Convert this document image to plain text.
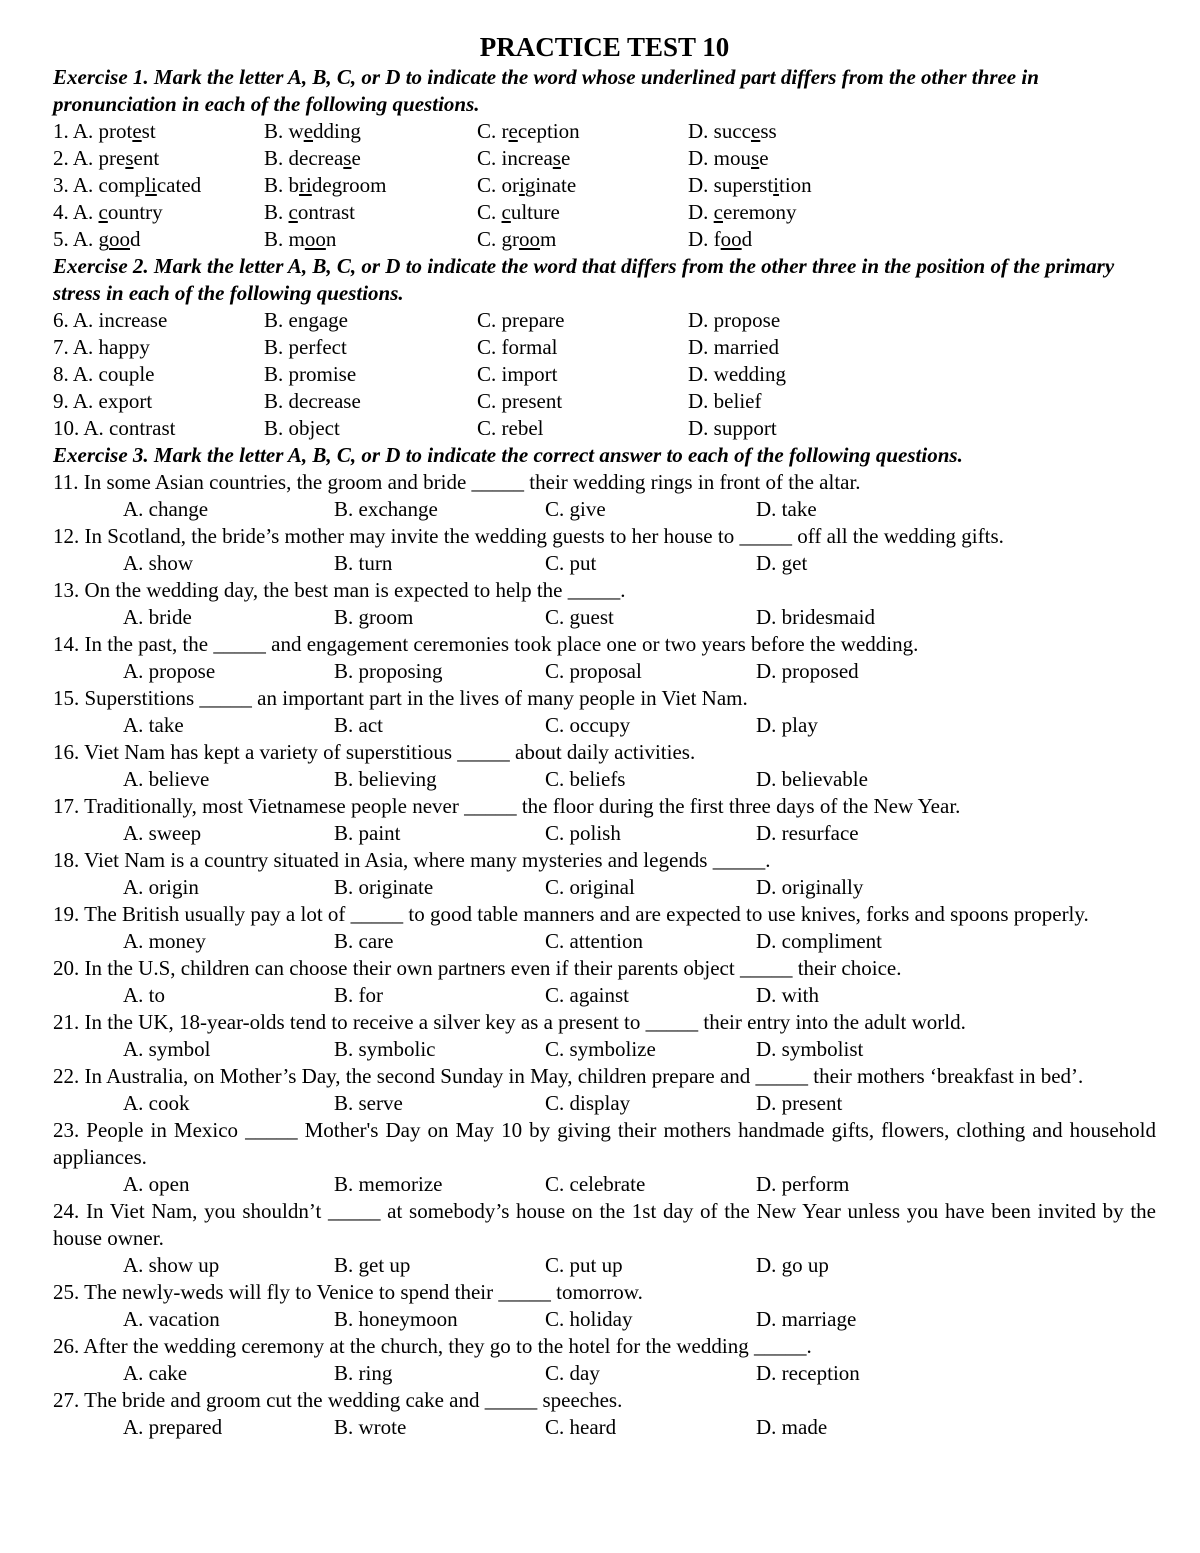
PRACTICE TEST 10

Exercise 1. Mark the letter A, B, C, or D to indicate the word whose underlined part differs from the other three in pronunciation in each of the following questions.

1. A. protest	B. wedding	C. reception	D. success
2. A. present	B. decrease	C. increase	D. mouse
3. A. complicated	B. bridegroom	C. originate	D. superstition
4. A. country	B. contrast	C. culture	D. ceremony
5. A. good	B. moon	C. groom	D. food

Exercise 2. Mark the letter A, B, C, or D to indicate the word that differs from the other three in the position of the primary stress in each of the following questions.

6. A. increase	B. engage	C. prepare	D. propose
7. A. happy	B. perfect	C. formal	D. married
8. A. couple	B. promise	C. import	D. wedding
9. A. export	B. decrease	C. present	D. belief
10. A. contrast	B. object	C. rebel	D. support

Exercise 3. Mark the letter A, B, C, or D to indicate the correct answer to each of the following questions.

11. In some Asian countries, the groom and bride _____ their wedding rings in front of the altar.

A. change	B. exchange	C. give	D. take

12. In Scotland, the bride’s mother may invite the wedding guests to her house to _____ off all the wedding gifts.

A. show	B. turn	C. put	D. get

13. On the wedding day, the best man is expected to help the _____.

A. bride	B. groom	C. guest	D. bridesmaid

14. In the past, the _____ and engagement ceremonies took place one or two years before the wedding.

A. propose	B. proposing	C. proposal	D. proposed

15. Superstitions _____ an important part in the lives of many people in Viet Nam.

A. take	B. act	C. occupy	D. play

16. Viet Nam has kept a variety of superstitious _____ about daily activities.

A. believe	B. believing	C. beliefs	D. believable

17. Traditionally, most Vietnamese people never _____ the floor during the first three days of the New Year.

A. sweep	B. paint	C. polish	D. resurface

18. Viet Nam is a country situated in Asia, where many mysteries and legends _____.

A. origin	B. originate	C. original	D. originally

19. The British usually pay a lot of _____ to good table manners and are expected to use knives, forks and spoons properly.

A. money	B. care	C. attention	D. compliment

20. In the U.S, children can choose their own partners even if their parents object _____ their choice.

A. to	B. for	C. against	D. with

21. In the UK, 18-year-olds tend to receive a silver key as a present to _____ their entry into the adult world.

A. symbol	B. symbolic	C. symbolize	D. symbolist

22. In Australia, on Mother’s Day, the second Sunday in May, children prepare and _____ their mothers ‘breakfast in bed’.

A. cook	B. serve	C. display	D. present

23. People in Mexico _____ Mother's Day on May 10 by giving their mothers handmade gifts, flowers, clothing and household appliances.

A. open	B. memorize	C. celebrate	D. perform

24. In Viet Nam, you shouldn’t _____ at somebody’s house on the 1st day of the New Year unless you have been invited by the house owner.

A. show up	B. get up	C. put up	D. go up

25. The newly-weds will fly to Venice to spend their _____ tomorrow.

A. vacation	B. honeymoon	C. holiday	D. marriage

26. After the wedding ceremony at the church, they go to the hotel for the wedding _____.

A. cake	B. ring	C. day	D. reception

27. The bride and groom cut the wedding cake and _____ speeches.

A. prepared	B. wrote	C. heard	D. made
